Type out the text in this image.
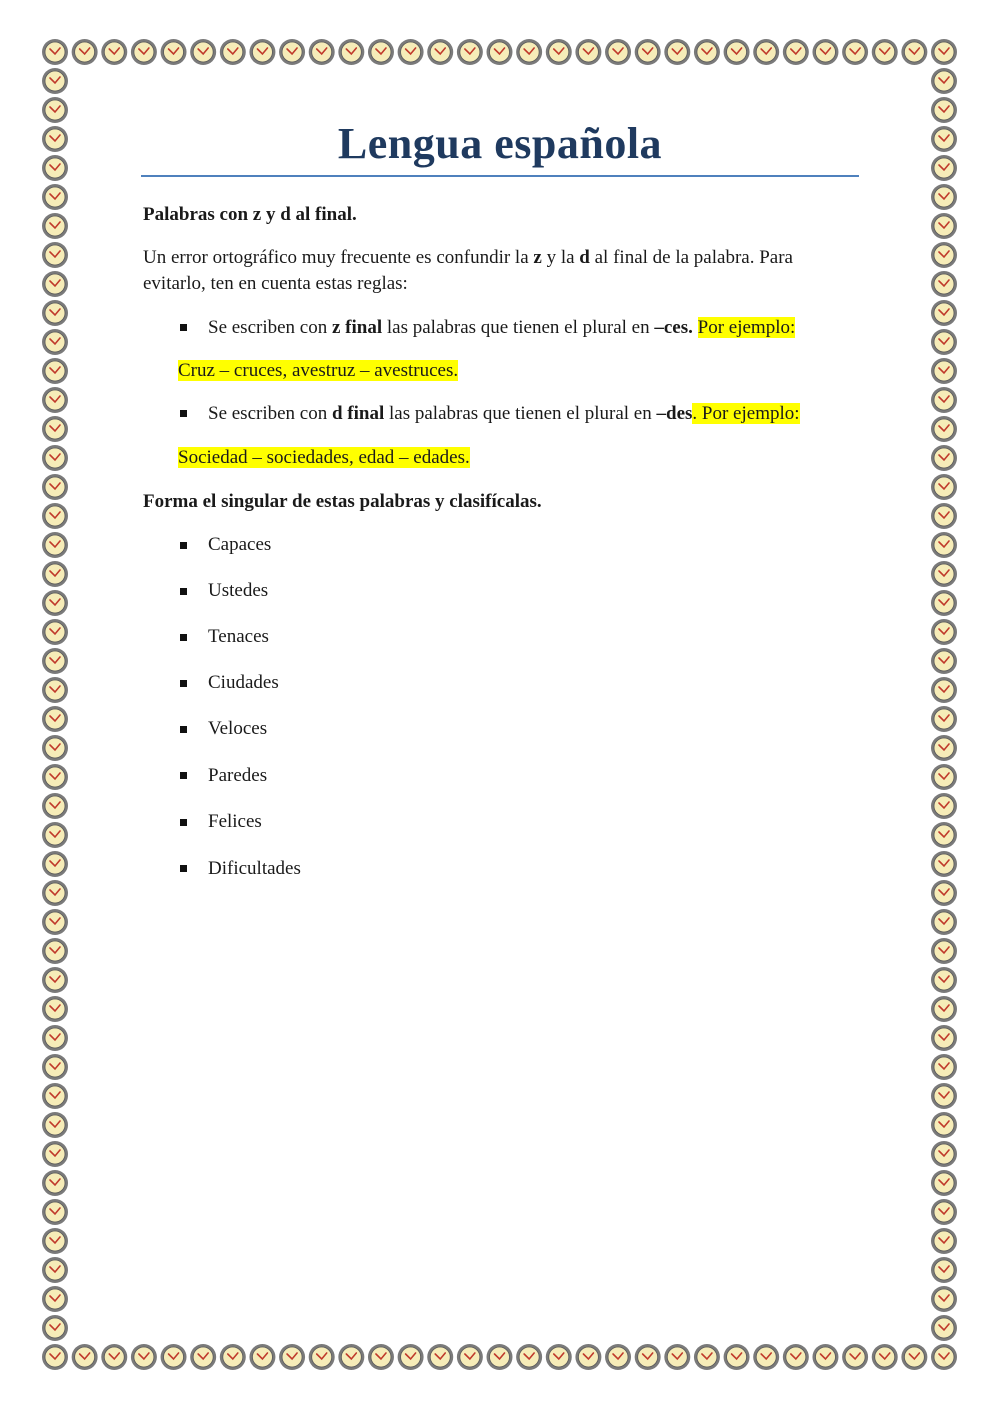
Lengua española

Palabras con z y d al final.

Un error ortográfico muy frecuente es confundir la z y la d al final de la palabra. Para evitarlo, ten en cuenta estas reglas:

Se escriben con z final las palabras que tienen el plural en –ces. Por ejemplo:

Cruz – cruces, avestruz – avestruces.

Se escriben con d final las palabras que tienen el plural en –des. Por ejemplo:

Sociedad – sociedades, edad – edades.

Forma el singular de estas palabras y clasifícalas.

Capaces

Ustedes

Tenaces

Ciudades

Veloces

Paredes

Felices

Dificultades
